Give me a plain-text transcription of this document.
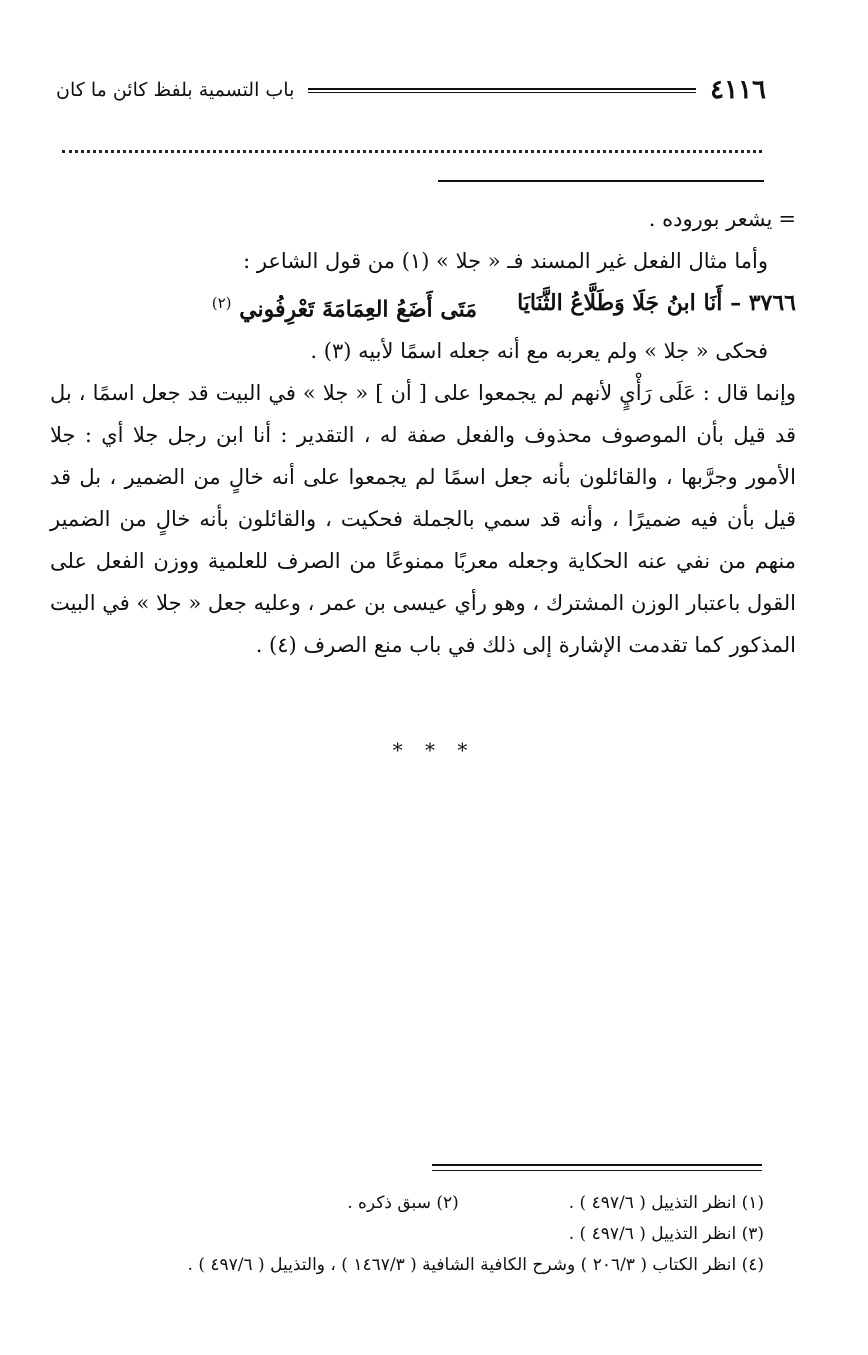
٤١١٦
باب التسمية بلفظ كائن ما كان

=يشعر بوروده .

وأما مثال الفعل غير المسند فـ « جلا » (١) من قول الشاعر :

٣٧٦٦ – أَنَا ابنُ جَلَا وَطَلَّاعُ الثَّنَايَا
مَتَى أَضَعُ العِمَامَةَ تَعْرِفُوني $^{(٢)}$

فحكى « جلا » ولم يعربه مع أنه جعله اسمًا لأبيه (٣) .

وإنما قال : عَلَى رَأْيٍ لأنهم لم يجمعوا على [ أن ] « جلا » في البيت قد جعل اسمًا ، بل قد قيل بأن الموصوف محذوف والفعل صفة له ، التقدير : أنا ابن رجل جلا أي : جلا الأمور وجرَّبها ، والقائلون بأنه جعل اسمًا لم يجمعوا على أنه خالٍ من الضمير ، بل قد قيل بأن فيه ضميرًا ، وأنه قد سمي بالجملة فحكيت ، والقائلون بأنه خالٍ من الضمير منهم من نفي عنه الحكاية وجعله معربًا ممنوعًا من الصرف للعلمية ووزن الفعل على القول باعتبار الوزن المشترك ، وهو رأي عيسى بن عمر ، وعليه جعل « جلا » في البيت المذكور كما تقدمت الإشارة إلى ذلك في باب منع الصرف (٤) .

* * *
(١) انظر التذييل ( ٤٩٧/٦ ) .
(٢) سبق ذكره .
(٣) انظر التذييل ( ٤٩٧/٦ ) .
(٤) انظر الكتاب ( ٢٠٦/٣ ) وشرح الكافية الشافية ( ١٤٦٧/٣ ) ، والتذييل ( ٤٩٧/٦ ) .
